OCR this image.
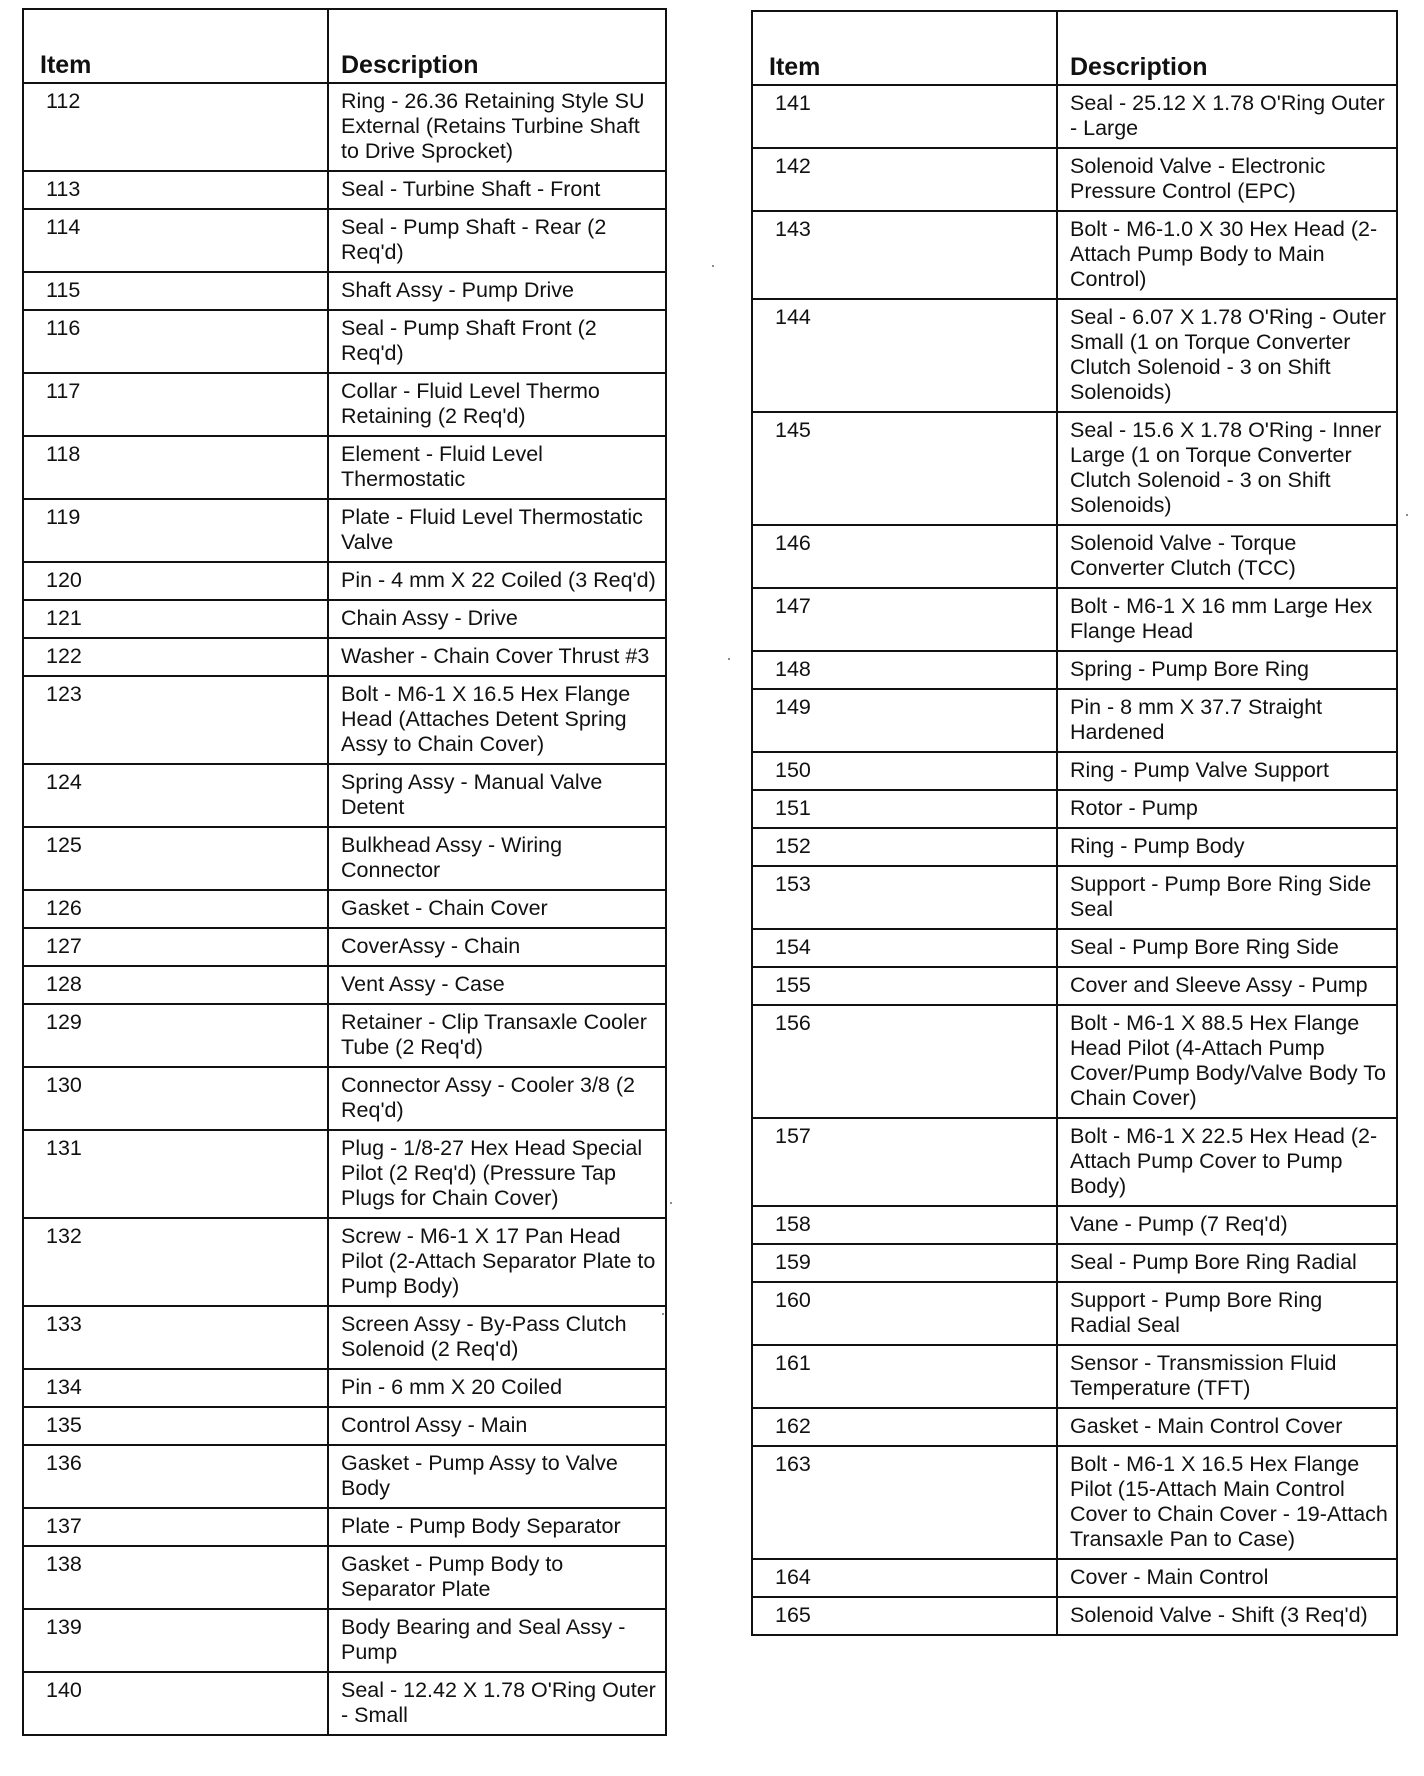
Item	Description
112	Ring - 26.36 Retaining Style SU External (Retains Turbine Shaft to Drive Sprocket)
113	Seal - Turbine Shaft - Front
114	Seal - Pump Shaft - Rear (2 Req'd)
115	Shaft Assy - Pump Drive
116	Seal - Pump Shaft Front (2 Req'd)
117	Collar - Fluid Level Thermo Retaining (2 Req'd)
118	Element - Fluid Level Thermostatic
119	Plate - Fluid Level Thermostatic Valve
120	Pin - 4 mm X 22 Coiled (3 Req'd)
121	Chain Assy - Drive
122	Washer - Chain Cover Thrust #3
123	Bolt - M6-1 X 16.5 Hex Flange Head (Attaches Detent Spring Assy to Chain Cover)
124	Spring Assy - Manual Valve Detent
125	Bulkhead Assy - Wiring Connector
126	Gasket - Chain Cover
127	CoverAssy - Chain
128	Vent Assy - Case
129	Retainer - Clip Transaxle Cooler Tube (2 Req'd)
130	Connector Assy - Cooler 3/8 (2 Req'd)
131	Plug - 1/8-27 Hex Head Special Pilot (2 Req'd) (Pressure Tap Plugs for Chain Cover)
132	Screw - M6-1 X 17 Pan Head Pilot (2-Attach Separator Plate to Pump Body)
133	Screen Assy - By-Pass Clutch Solenoid (2 Req'd)
134	Pin - 6 mm X 20 Coiled
135	Control Assy - Main
136	Gasket - Pump Assy to Valve Body
137	Plate - Pump Body Separator
138	Gasket - Pump Body to Separator Plate
139	Body Bearing and Seal Assy - Pump
140	Seal - 12.42 X 1.78 O'Ring Outer - Small
Item	Description
141	Seal - 25.12 X 1.78 O'Ring Outer - Large
142	Solenoid Valve - Electronic Pressure Control (EPC)
143	Bolt - M6-1.0 X 30 Hex Head (2-Attach Pump Body to Main Control)
144	Seal - 6.07 X 1.78 O'Ring - Outer Small (1 on Torque Converter Clutch Solenoid - 3 on Shift Solenoids)
145	Seal - 15.6 X 1.78 O'Ring - Inner Large (1 on Torque Converter Clutch Solenoid - 3 on Shift Solenoids)
146	Solenoid Valve - Torque Converter Clutch (TCC)
147	Bolt - M6-1 X 16 mm Large Hex Flange Head
148	Spring - Pump Bore Ring
149	Pin - 8 mm X 37.7 Straight Hardened
150	Ring - Pump Valve Support
151	Rotor - Pump
152	Ring - Pump Body
153	Support - Pump Bore Ring Side Seal
154	Seal - Pump Bore Ring Side
155	Cover and Sleeve Assy - Pump
156	Bolt - M6-1 X 88.5 Hex Flange Head Pilot (4-Attach Pump Cover/Pump Body/Valve Body To Chain Cover)
157	Bolt - M6-1 X 22.5 Hex Head (2-Attach Pump Cover to Pump Body)
158	Vane - Pump (7 Req'd)
159	Seal - Pump Bore Ring Radial
160	Support - Pump Bore Ring Radial Seal
161	Sensor - Transmission Fluid Temperature (TFT)
162	Gasket - Main Control Cover
163	Bolt - M6-1 X 16.5 Hex Flange Pilot (15-Attach Main Control Cover to Chain Cover - 19-Attach Transaxle Pan to Case)
164	Cover - Main Control
165	Solenoid Valve - Shift (3 Req'd)
